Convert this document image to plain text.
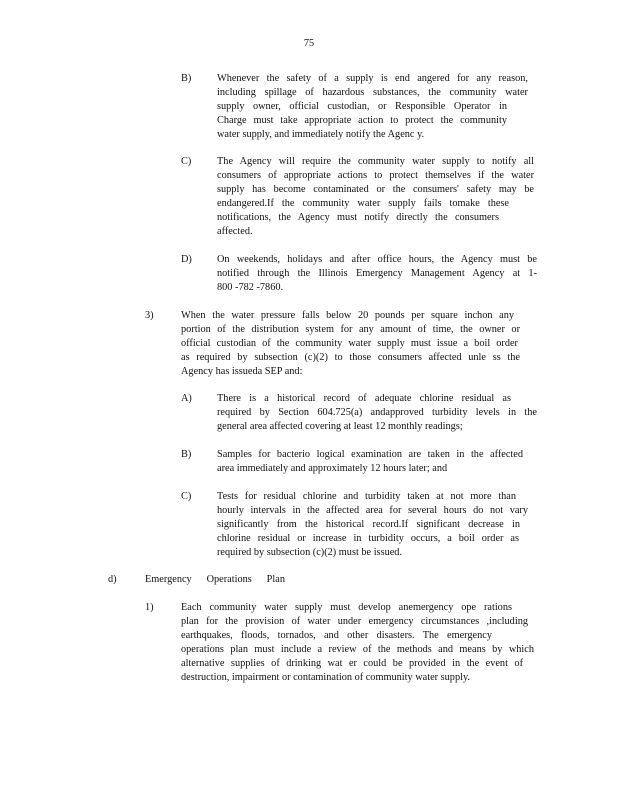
75
B) Whenever the safety of a supply is end angered for any reason,
including spillage of hazardous substances, the community water
supply owner, official custodian, or Responsible Operator in
Charge must take appropriate action to protect the community
water supply, and immediately notify the Agenc y.
C) The Agency will require the community water supply to notify all
consumers of appropriate actions to protect themselves if the water
supply has become contaminated or the consumers' safety may be
endangered.If the community water supply fails tomake these
notifications, the Agency must notify directly the consumers
affected.
D) On weekends, holidays and after office hours, the Agency must be
notified through the Illinois Emergency Management Agency at 1-
800 -782 -7860.
3)	When the water pressure falls below 20 pounds per square inchon any
portion of the distribution system for any amount of time, the owner or
official custodian of the community water supply must issue a boil order
as required by subsection (c)(2) to those consumers affected unle ss the
Agency has issueda SEP and:
A) There is a historical record of adequate chlorine residual as
required by Section 604.725(a) andapproved turbidity levels in the
general area affected covering at least 12 monthly readings;
B) Samples for bacterio logical examination are taken in the affected
area immediately and approximately 12 hours later; and
C) Tests for residual chlorine and turbidity taken at not more than
hourly intervals in the affected area for several hours do not vary
significantly from the historical record.If significant decrease in
chlorine residual or increase in turbidity occurs, a boil order as
required by subsection (c)(2) must be issued.
d)	Emergency Operations Plan
1)	Each community water supply must develop anemergency ope rations
plan for the provision of water under emergency circumstances ,including
earthquakes, floods, tornados, and other disasters. The emergency
operations plan must include a review of the methods and means by which
alternative supplies of drinking wat er could be provided in the event of
destruction, impairment or contamination of community water supply.
